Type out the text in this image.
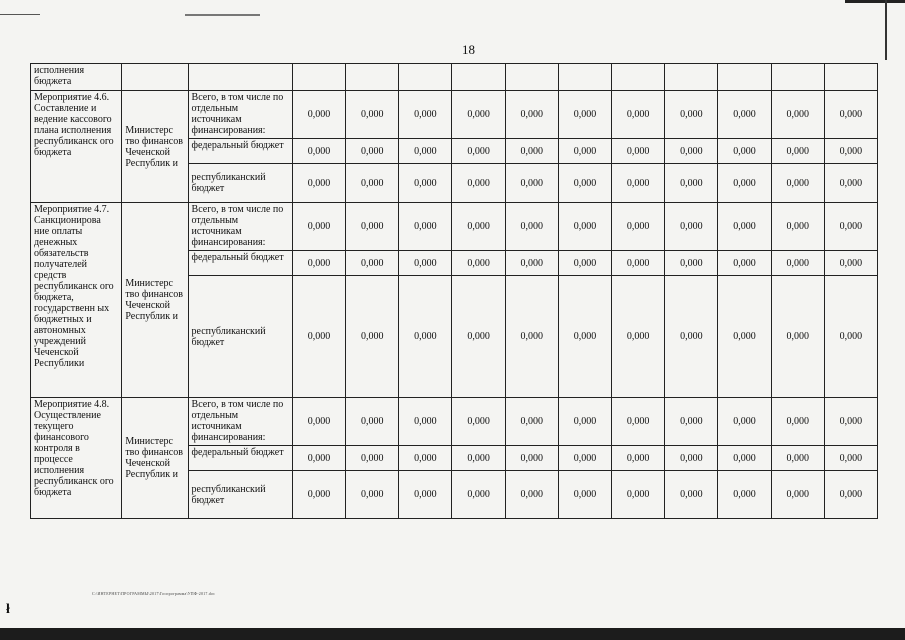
18
исполнения бюджета													
Мероприятие 4.6. Составление и ведение кассового плана исполнения республиканск ого бюджета	Министерс тво финансов Чеченской Республик и	Всего, в том числе по отдельным источникам финансирования:	0,000	0,000	0,000	0,000	0,000	0,000	0,000	0,000	0,000	0,000	0,000
		федеральный бюджет	0,000	0,000	0,000	0,000	0,000	0,000	0,000	0,000	0,000	0,000	0,000
		республиканский бюджет	0,000	0,000	0,000	0,000	0,000	0,000	0,000	0,000	0,000	0,000	0,000
Мероприятие 4.7. Санкционирова ние оплаты денежных обязательств получателей средств республиканск ого бюджета, государственн ых бюджетных и автономных учреждений Чеченской Республики	Министерс тво финансов Чеченской Республик и	Всего, в том числе по отдельным источникам финансирования:	0,000	0,000	0,000	0,000	0,000	0,000	0,000	0,000	0,000	0,000	0,000
		федеральный бюджет	0,000	0,000	0,000	0,000	0,000	0,000	0,000	0,000	0,000	0,000	0,000
		республиканский бюджет	0,000	0,000	0,000	0,000	0,000	0,000	0,000	0,000	0,000	0,000	0,000
Мероприятие 4.8. Осуществление текущего финансового контроля в процессе исполнения республиканск ого бюджета	Министерс тво финансов Чеченской Республик и	Всего, в том числе по отдельным источникам финансирования:	0,000	0,000	0,000	0,000	0,000	0,000	0,000	0,000	0,000	0,000	0,000
		федеральный бюджет	0,000	0,000	0,000	0,000	0,000	0,000	0,000	0,000	0,000	0,000	0,000
		республиканский бюджет	0,000	0,000	0,000	0,000	0,000	0,000	0,000	0,000	0,000	0,000	0,000
C:\ИНТЕРНЕТ\ПРОГРАММЫ\2017\Госпрограмма\УПФ-2017.doc
ł
